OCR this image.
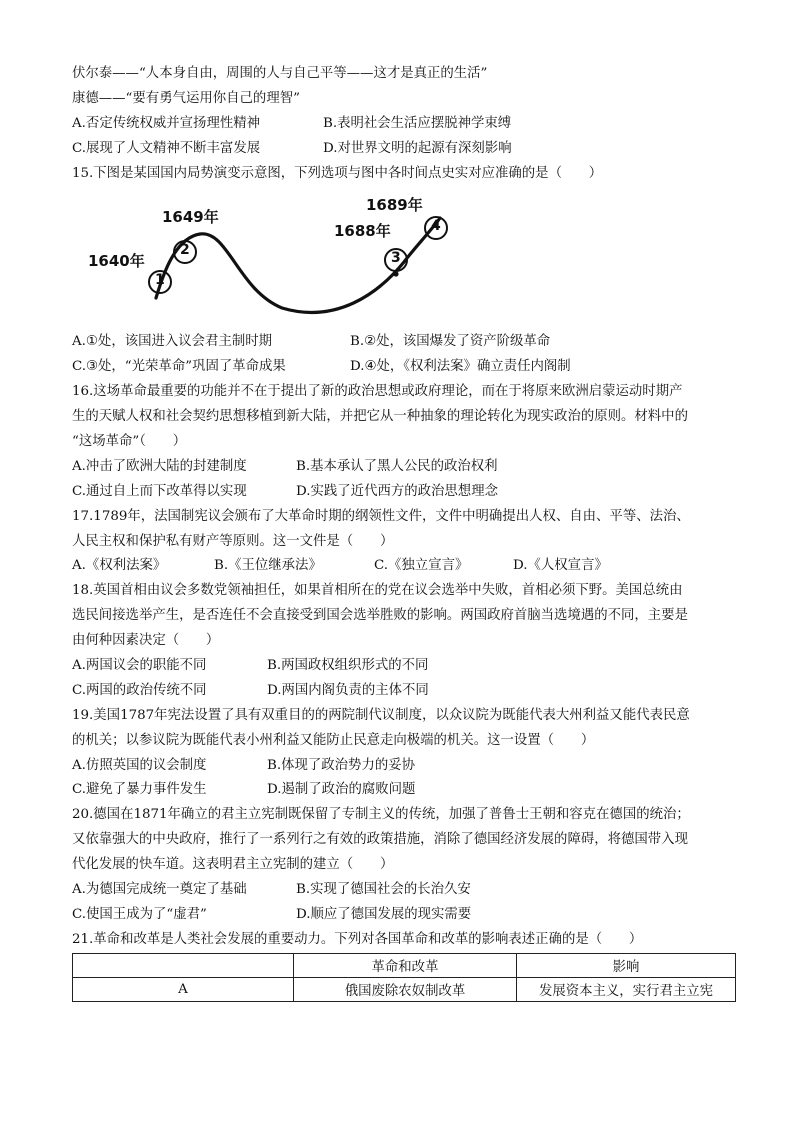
伏尔泰——“人本身自由，周围的人与自己平等——这才是真正的生活”
康德——“要有勇气运用你自己的理智”
A.否定传统权威并宣扬理性精神	B.表明社会生活应摆脱神学束缚
C.展现了人文精神不断丰富发展	D.对世界文明的起源有深刻影响
15.下图是某国国内局势演变示意图，下列选项与图中各时间点史实对应准确的是（　　）
1640年
1649年
1688年
1689年
1
2	3
4
A.①处，该国进入议会君主制时期	B.②处，该国爆发了资产阶级革命
C.③处，“光荣革命”巩固了革命成果	D.④处，《权利法案》确立责任内阁制
16.这场革命最重要的功能并不在于提出了新的政治思想或政府理论，而在于将原来欧洲启蒙运动时期产
生的天赋人权和社会契约思想移植到新大陆，并把它从一种抽象的理论转化为现实政治的原则。材料中的
“这场革命”（　　）
A.冲击了欧洲大陆的封建制度	B.基本承认了黑人公民的政治权利
C.通过自上而下改革得以实现	D.实践了近代西方的政治思想理念
17.1789年，法国制宪议会颁布了大革命时期的纲领性文件，文件中明确提出人权、自由、平等、法治、
人民主权和保护私有财产等原则。这一文件是（　　）
A.《权利法案》	B.《王位继承法》	C.《独立宣言》	D.《人权宣言》
18.英国首相由议会多数党领袖担任，如果首相所在的党在议会选举中失败，首相必须下野。美国总统由
选民间接选举产生，是否连任不会直接受到国会选举胜败的影响。两国政府首脑当选境遇的不同，主要是
由何种因素决定（　　）
A.两国议会的职能不同	B.两国政权组织形式的不同
C.两国的政治传统不同	D.两国内阁负责的主体不同
19.美国1787年宪法设置了具有双重目的的两院制代议制度，以众议院为既能代表大州利益又能代表民意
的机关；以参议院为既能代表小州利益又能防止民意走向极端的机关。这一设置（　　）
A.仿照英国的议会制度	B.体现了政治势力的妥协
C.避免了暴力事件发生	D.遏制了政治的腐败问题
20.德国在1871年确立的君主立宪制既保留了专制主义的传统，加强了普鲁士王朝和容克在德国的统治；
又依靠强大的中央政府，推行了一系列行之有效的政策措施，消除了德国经济发展的障碍，将德国带入现
代化发展的快车道。这表明君主立宪制的建立（　　）
A.为德国完成统一奠定了基础	B.实现了德国社会的长治久安
C.使国王成为了“虚君”	D.顺应了德国发展的现实需要
21.革命和改革是人类社会发展的重要动力。下列对各国革命和改革的影响表述正确的是（　　）
	革命和改革	影响
A	俄国废除农奴制改革	发展资本主义，实行君主立宪
